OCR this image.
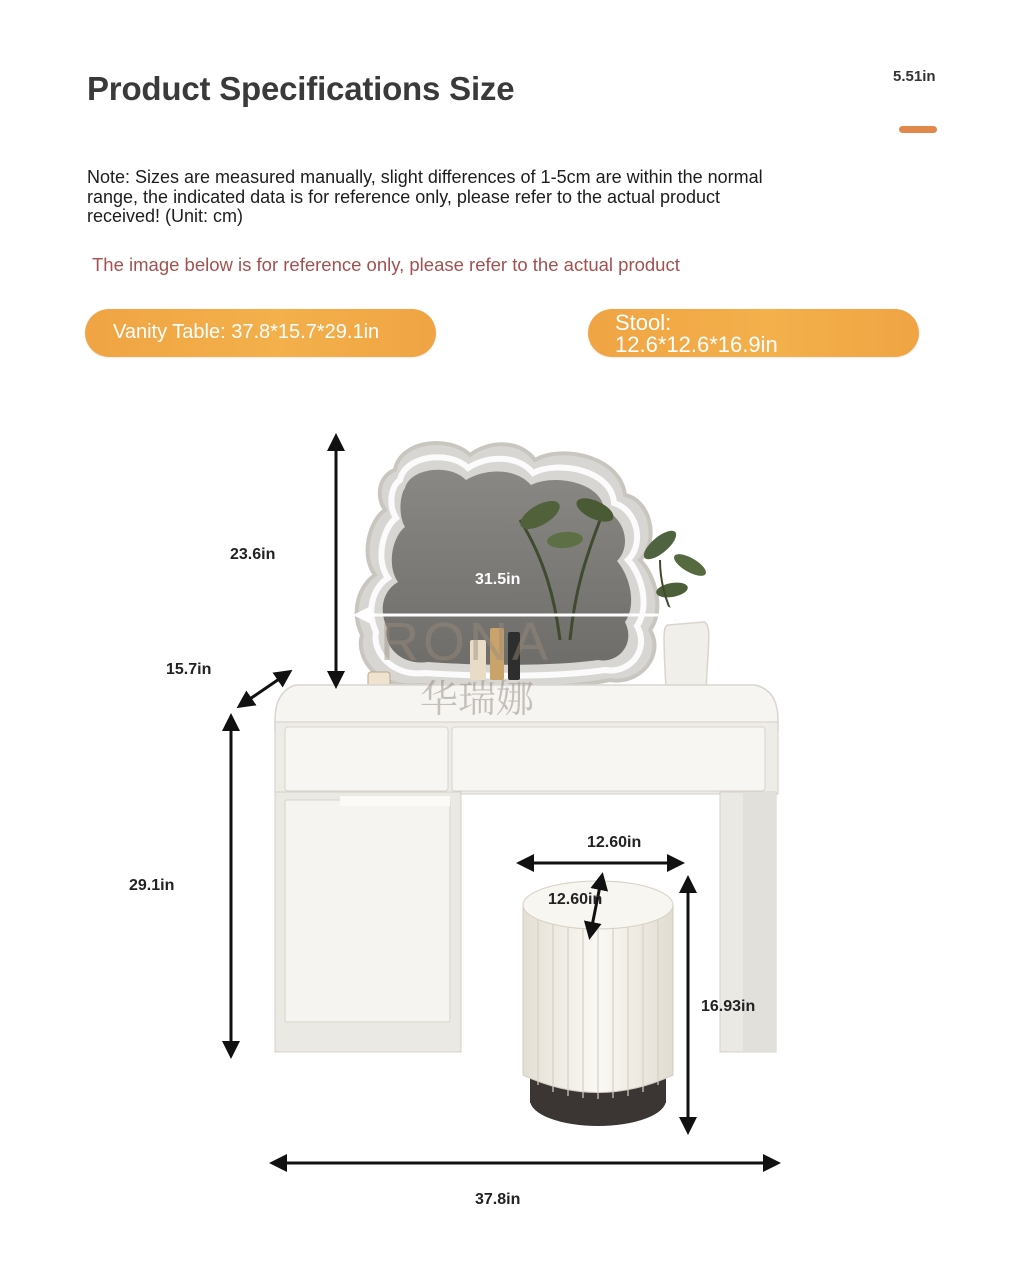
Product Specifications Size	5.51in
Note: Sizes are measured manually, slight differences of 1-5cm are within the normal range, the indicated data is for reference only, please refer to the actual product received! (Unit: cm)
The image below is for reference only, please refer to the actual product
Vanity Table: 37.8*15.7*29.1in	Stool:
12.6*12.6*16.9in
RONA
华瑞娜
23.6in
31.5in
15.7in
29.1in
12.60in
12.60in
16.93in
37.8in
